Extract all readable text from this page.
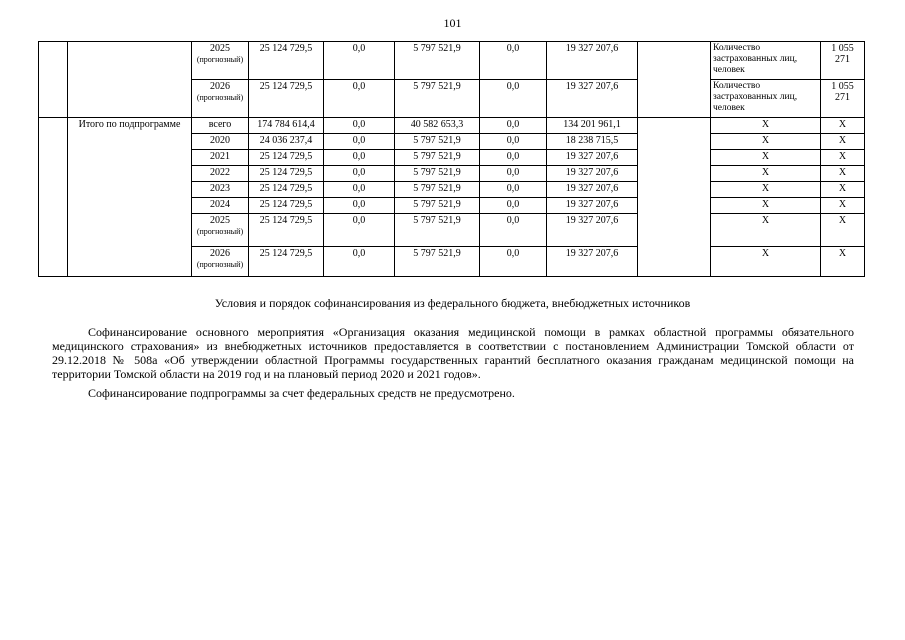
101
		2025
(прогнозный)	25 124 729,5	0,0	5 797 521,9	0,0	19 327 207,6		Количество застрахованных лиц, человек	1 055 271
		2026
(прогнозный)	25 124 729,5	0,0	5 797 521,9	0,0	19 327 207,6		Количество застрахованных лиц, человек	1 055 271
	Итого по подпрограмме	всего	174 784 614,4	0,0	40 582 653,3	0,0	134 201 961,1		X	X
		2020	24 036 237,4	0,0	5 797 521,9	0,0	18 238 715,5		X	X
		2021	25 124 729,5	0,0	5 797 521,9	0,0	19 327 207,6		X	X
		2022	25 124 729,5	0,0	5 797 521,9	0,0	19 327 207,6		X	X
		2023	25 124 729,5	0,0	5 797 521,9	0,0	19 327 207,6		X	X
		2024	25 124 729,5	0,0	5 797 521,9	0,0	19 327 207,6		X	X
		2025
(прогнозный)	25 124 729,5	0,0	5 797 521,9	0,0	19 327 207,6		X	X
		2026
(прогнозный)	25 124 729,5	0,0	5 797 521,9	0,0	19 327 207,6		X	X
Условия и порядок софинансирования из федерального бюджета, внебюджетных источников

Софинансирование основного мероприятия «Организация оказания медицинской помощи в рамках областной программы обязательного медицинского страхования» из внебюджетных источников предоставляется в соответствии с постановлением Администрации Томской области от 29.12.2018 № 508а «Об утверждении областной Программы государственных гарантий бесплатного оказания гражданам медицинской помощи на территории Томской области на 2019 год и на плановый период 2020 и 2021 годов».

Софинансирование подпрограммы за счет федеральных средств не предусмотрено.
